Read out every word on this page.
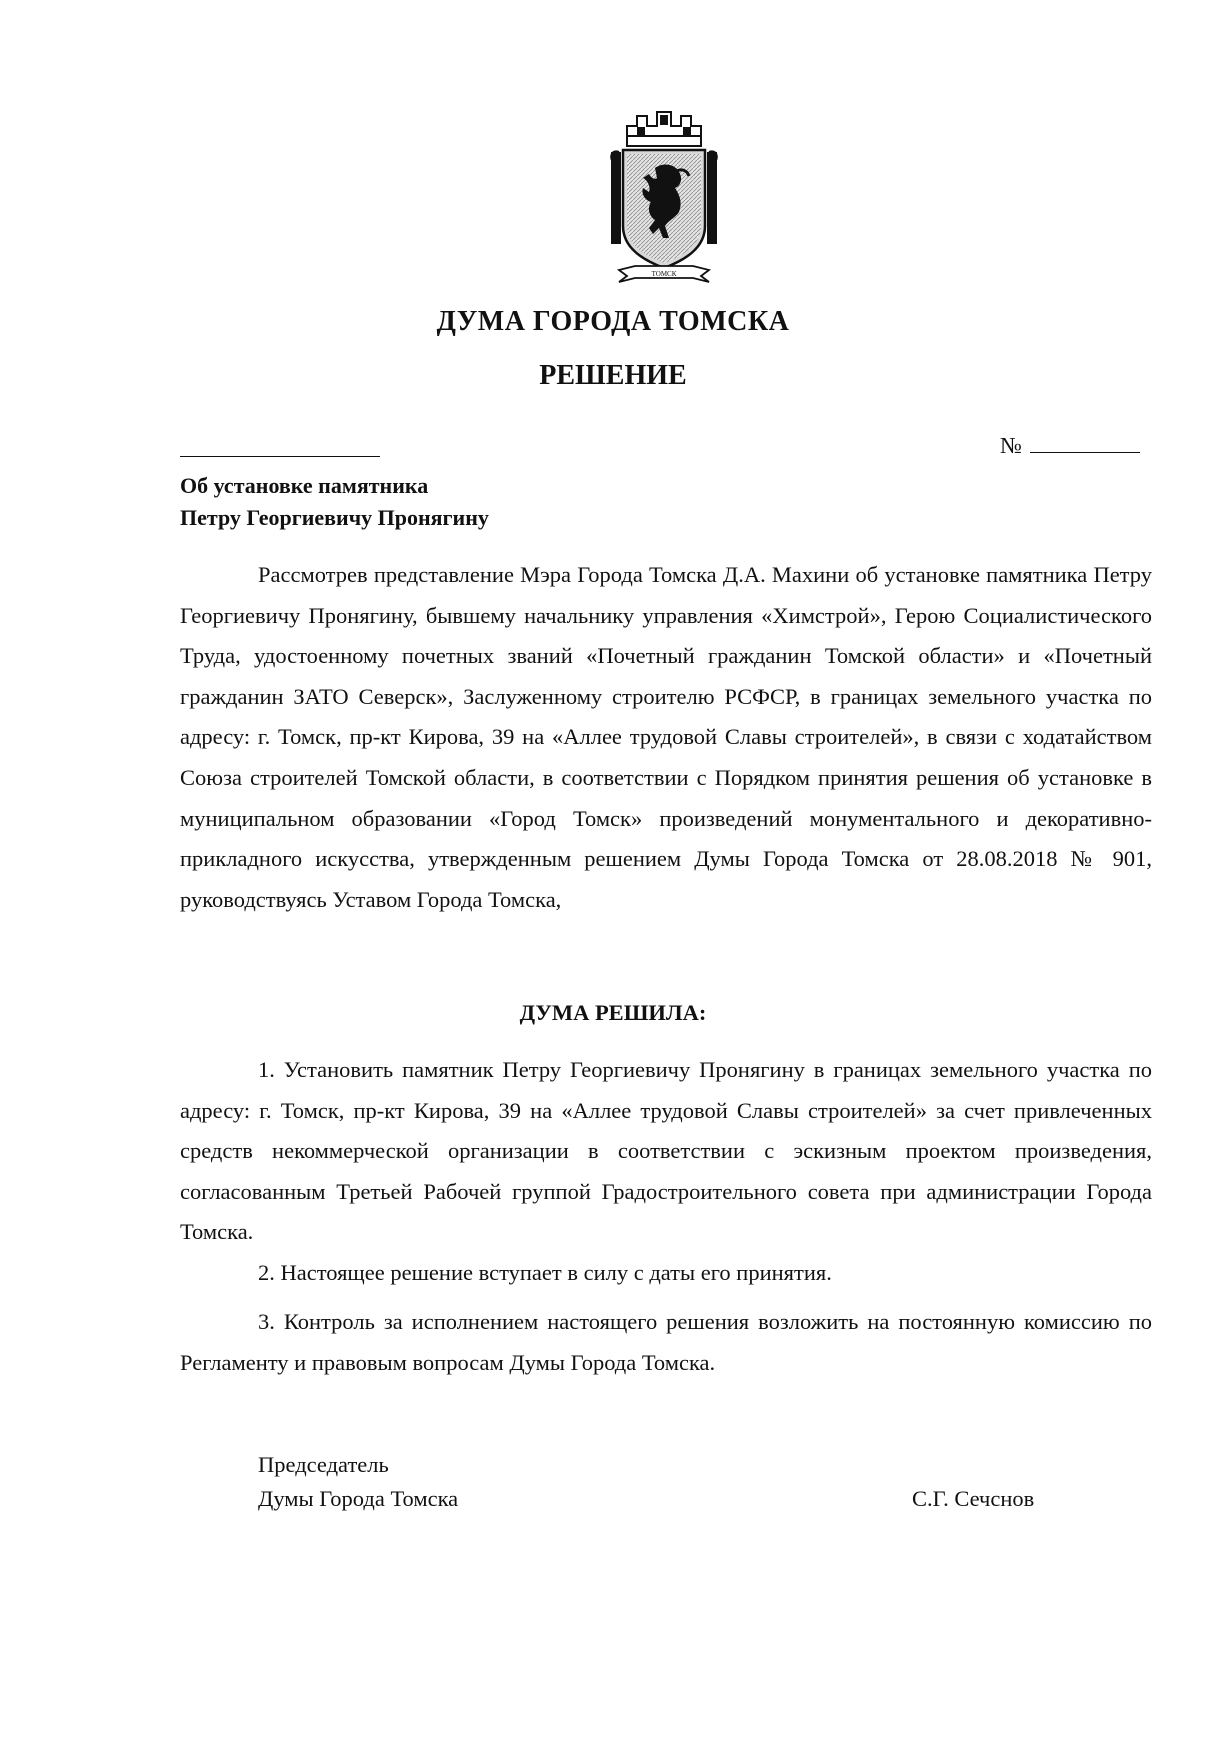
ТОМСК
ДУМА ГОРОДА ТОМСКА
РЕШЕНИЕ
№
Об установке памятника
Петру Георгиевичу Пронягину

Рассмотрев представление Мэра Города Томска Д.А. Махини об установке памятника Петру Георгиевичу Пронягину, бывшему начальнику управления «Химстрой», Герою Социалистического Труда, удостоенному почетных званий «Почетный гражданин Томской области» и «Почетный гражданин ЗАТО Северск», Заслуженному строителю РСФСР, в границах земельного участка по адресу: г. Томск, пр-кт Кирова, 39 на «Аллее трудовой Славы строителей», в связи с ходатайством Союза строителей Томской области, в соответствии с Порядком принятия решения об установке в муниципальном образовании «Город Томск» произведений монументального и декоративно-прикладного искусства, утвержденным решением Думы Города Томска от 28.08.2018 № 901, руководствуясь Уставом Города Томска,

ДУМА РЕШИЛА:

1. Установить памятник Петру Георгиевичу Пронягину в границах земельного участка по адресу: г. Томск, пр-кт Кирова, 39 на «Аллее трудовой Славы строителей» за счет привлеченных средств некоммерческой организации в соответствии с эскизным проектом произведения, согласованным Третьей Рабочей группой Градостроительного совета при администрации Города Томска.

2. Настоящее решение вступает в силу с даты его принятия.

3. Контроль за исполнением настоящего решения возложить на постоянную комиссию по Регламенту и правовым вопросам Думы Города Томска.

Председатель
Думы Города Томска	С.Г. Сечснов
